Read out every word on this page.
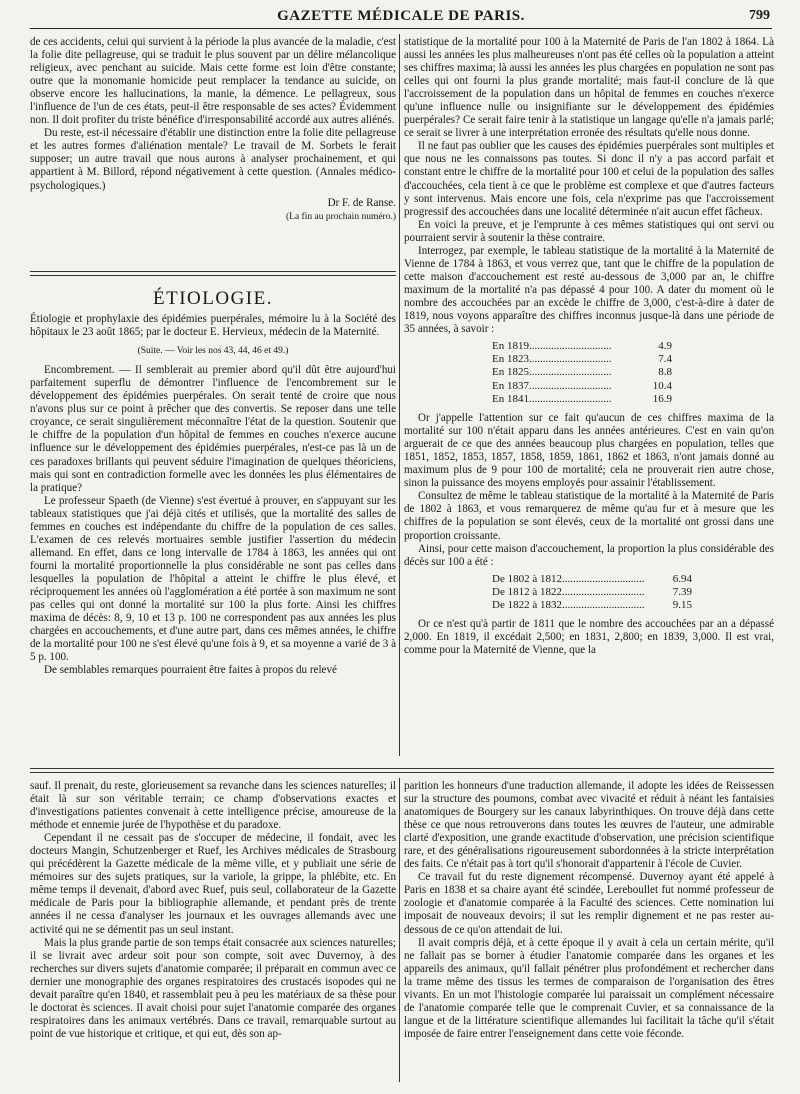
GAZETTE MÉDICALE DE PARIS.	799

de ces accidents, celui qui survient à la période la plus avancée de la maladie, c'est la folie dite pellagreuse, qui se traduit le plus souvent par un délire mélancolique religieux, avec penchant au suicide. Mais cette forme est loin d'être constante; outre que la monomanie homicide peut remplacer la tendance au suicide, on observe encore les hallucinations, la manie, la démence. Le pellagreux, sous l'influence de l'un de ces états, peut-il être responsable de ses actes? Évidemment non. Il doit profiter du triste bénéfice d'irresponsabilité accordé aux autres aliénés.

Du reste, est-il nécessaire d'établir une distinction entre la folie dite pellagreuse et les autres formes d'aliénation mentale? Le travail de M. Sorbets le ferait supposer; un autre travail que nous aurons à analyser prochainement, et qui appartient à M. Billord, répond négativement à cette question. (Annales médico-psychologiques.)

Dr F. de Ranse.
(La fin au prochain numéro.)
ÉTIOLOGIE.

Étiologie et prophylaxie des épidémies puerpérales, mémoire lu à la Société des hôpitaux le 23 août 1865; par le docteur E. Hervieux, médecin de la Maternité.

(Suite. — Voir les nos 43, 44, 46 et 49.)

Encombrement. — Il semblerait au premier abord qu'il dût être aujourd'hui parfaitement superflu de démontrer l'influence de l'encombrement sur le développement des épidémies puerpérales. On serait tenté de croire que nous n'avons plus sur ce point à prêcher que des convertis. Se reposer dans une telle croyance, ce serait singulièrement méconnaître l'état de la question. Soutenir que le chiffre de la population d'un hôpital de femmes en couches n'exerce aucune influence sur le développement des épidémies puerpérales, n'est-ce pas là un de ces paradoxes brillants qui peuvent séduire l'imagination de quelques théoriciens, mais qui sont en contradiction formelle avec les données les plus élémentaires de la pratique?

Le professeur Spaeth (de Vienne) s'est évertué à prouver, en s'appuyant sur les tableaux statistiques que j'ai déjà cités et utilisés, que la mortalité des salles de femmes en couches est indépendante du chiffre de la population de ces salles. L'examen de ces relevés mortuaires semble justifier l'assertion du médecin allemand. En effet, dans ce long intervalle de 1784 à 1863, les années qui ont fourni la mortalité proportionnelle la plus considérable ne sont pas celles dans lesquelles la population de l'hôpital a atteint le chiffre le plus élevé, et réciproquement les années où l'agglomération a été portée à son maximum ne sont pas celles qui ont donné la mortalité sur 100 la plus forte. Ainsi les chiffres maxima de décès: 8, 9, 10 et 13 p. 100 ne correspondent pas aux années les plus chargées en accouchements, et d'une autre part, dans ces mêmes années, le chiffre de la mortalité pour 100 ne s'est élevé qu'une fois à 9, et sa moyenne a varié de 3 à 5 p. 100.

De semblables remarques pourraient être faites à propos du relevé

statistique de la mortalité pour 100 à la Maternité de Paris de l'an 1802 à 1864. Là aussi les années les plus malheureuses n'ont pas été celles où la population a atteint ses chiffres maxima; là aussi les années les plus chargées en population ne sont pas celles qui ont fourni la plus grande mortalité; mais faut-il conclure de là que l'accroissement de la population dans un hôpital de femmes en couches n'exerce qu'une influence nulle ou insignifiante sur le développement des épidémies puerpérales? Ce serait faire tenir à la statistique un langage qu'elle n'a jamais parlé; ce serait se livrer à une interprétation erronée des résultats qu'elle nous donne.

Il ne faut pas oublier que les causes des épidémies puerpérales sont multiples et que nous ne les connaissons pas toutes. Si donc il n'y a pas accord parfait et constant entre le chiffre de la mortalité pour 100 et celui de la population des salles d'accouchées, cela tient à ce que le problème est complexe et que d'autres facteurs y sont intervenus. Mais encore une fois, cela n'exprime pas que l'accroissement progressif des accouchées dans une localité déterminée n'ait aucun effet fâcheux.

En voici la preuve, et je l'emprunte à ces mêmes statistiques qui ont servi ou pourraient servir à soutenir la thèse contraire.

Interrogez, par exemple, le tableau statistique de la mortalité à la Maternité de Vienne de 1784 à 1863, et vous verrez que, tant que le chiffre de la population de cette maison d'accouchement est resté au-dessous de 3,000 par an, le chiffre maximum de la mortalité n'a pas dépassé 4 pour 100. A dater du moment où le nombre des accouchées par an excède le chiffre de 3,000, c'est-à-dire à dater de 1819, nous voyons apparaître des chiffres inconnus jusque-là dans une période de 35 années, à savoir :

En 1819 ..............................	4.9
En 1823 ..............................	7.4
En 1825 ..............................	8.8
En 1837 ..............................	10.4
En 1841 ..............................	16.9

Or j'appelle l'attention sur ce fait qu'aucun de ces chiffres maxima de la mortalité sur 100 n'était apparu dans les années antérieures. C'est en vain qu'on arguerait de ce que des années beaucoup plus chargées en population, telles que 1851, 1852, 1853, 1857, 1858, 1859, 1861, 1862 et 1863, n'ont jamais donné au maximum plus de 9 pour 100 de mortalité; cela ne prouverait rien autre chose, sinon la puissance des moyens employés pour assainir l'établissement.

Consultez de même le tableau statistique de la mortalité à la Maternité de Paris de 1802 à 1863, et vous remarquerez de même qu'au fur et à mesure que les chiffres de la population se sont élevés, ceux de la mortalité ont grossi dans une proportion croissante.

Ainsi, pour cette maison d'accouchement, la proportion la plus considérable des décès sur 100 a été :

De 1802 à 1812 ..............................	6.94
De 1812 à 1822 ..............................	7.39
De 1822 à 1832 ..............................	9.15

Or ce n'est qu'à partir de 1811 que le nombre des accouchées par an a dépassé 2,000. En 1819, il excédait 2,500; en 1831, 2,800; en 1839, 3,000. Il est vrai, comme pour la Maternité de Vienne, que la

sauf. Il prenait, du reste, glorieusement sa revanche dans les sciences naturelles; il était là sur son véritable terrain; ce champ d'observations exactes et d'investigations patientes convenait à cette intelligence précise, amoureuse de la méthode et ennemie jurée de l'hypothèse et du paradoxe.

Cependant il ne cessait pas de s'occuper de médecine, il fondait, avec les docteurs Mangin, Schutzenberger et Ruef, les Archives médicales de Strasbourg qui précédèrent la Gazette médicale de la même ville, et y publiait une série de mémoires sur des sujets pratiques, sur la variole, la grippe, la phlébite, etc. En même temps il devenait, d'abord avec Ruef, puis seul, collaborateur de la Gazette médicale de Paris pour la bibliographie allemande, et pendant près de trente années il ne cessa d'analyser les journaux et les ouvrages allemands avec une activité qui ne se démentit pas un seul instant.

Mais la plus grande partie de son temps était consacrée aux sciences naturelles; il se livrait avec ardeur soit pour son compte, soit avec Duvernoy, à des recherches sur divers sujets d'anatomie comparée; il préparait en commun avec ce dernier une monographie des organes respiratoires des crustacés isopodes qui ne devait paraître qu'en 1840, et rassemblait peu à peu les matériaux de sa thèse pour le doctorat ès sciences. Il avait choisi pour sujet l'anatomie comparée des organes respiratoires dans les animaux vertébrés. Dans ce travail, remarquable surtout au point de vue historique et critique, et qui eut, dès son ap-

parition les honneurs d'une traduction allemande, il adopte les idées de Reissessen sur la structure des poumons, combat avec vivacité et réduit à néant les fantaisies anatomiques de Bourgery sur les canaux labyrinthiques. On trouve déjà dans cette thèse ce que nous retrouverons dans toutes les œuvres de l'auteur, une admirable clarté d'exposition, une grande exactitude d'observation, une précision scientifique rare, et des généralisations rigoureusement subordonnées à la stricte interprétation des faits. Ce n'était pas à tort qu'il s'honorait d'appartenir à l'école de Cuvier.

Ce travail fut du reste dignement récompensé. Duvernoy ayant été appelé à Paris en 1838 et sa chaire ayant été scindée, Lereboullet fut nommé professeur de zoologie et d'anatomie comparée à la Faculté des sciences. Cette nomination lui imposait de nouveaux devoirs; il sut les remplir dignement et ne pas rester au-dessous de ce qu'on attendait de lui.

Il avait compris déjà, et à cette époque il y avait à cela un certain mérite, qu'il ne fallait pas se borner à étudier l'anatomie comparée dans les organes et les appareils des animaux, qu'il fallait pénétrer plus profondément et rechercher dans la trame même des tissus les termes de comparaison de l'organisation des êtres vivants. En un mot l'histologie comparée lui paraissait un complément nécessaire de l'anatomie comparée telle que le comprenait Cuvier, et sa connaissance de la langue et de la littérature scientifique allemandes lui facilitait la tâche qu'il s'était imposée de faire entrer l'enseignement dans cette voie féconde.
